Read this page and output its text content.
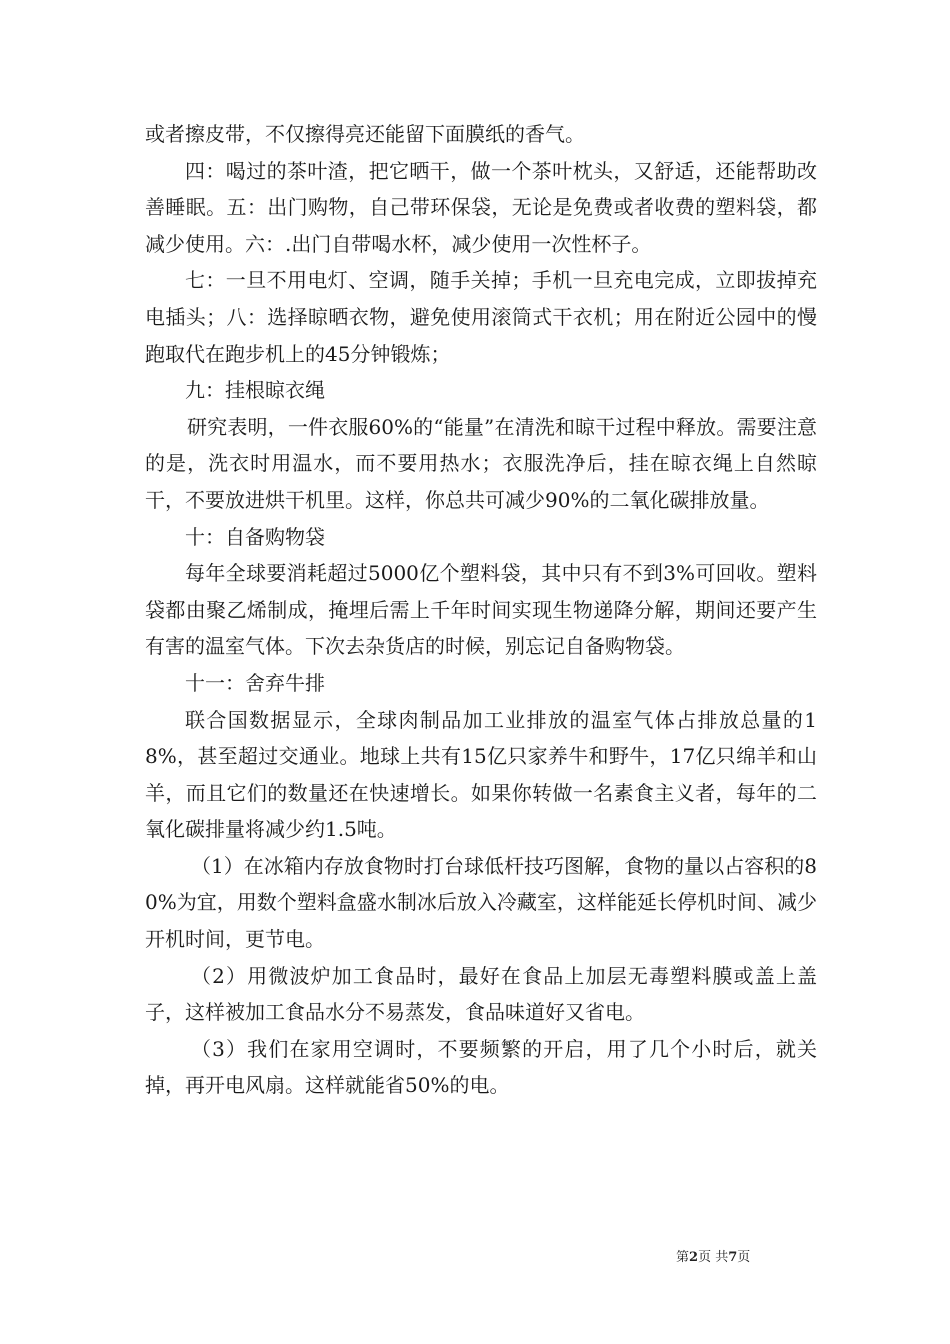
或者擦皮带，不仅擦得亮还能留下面膜纸的香气。

四：喝过的茶叶渣，把它晒干，做一个茶叶枕头，又舒适，还能帮助改善睡眠。五：出门购物，自己带环保袋，无论是免费或者收费的塑料袋，都减少使用。六：.出门自带喝水杯，减少使用一次性杯子。

七：一旦不用电灯、空调，随手关掉；手机一旦充电完成，立即拔掉充电插头；八：选择晾晒衣物，避免使用滚筒式干衣机；用在附近公园中的慢跑取代在跑步机上的45分钟锻炼；

九：挂根晾衣绳

研究表明，一件衣服60%的“能量”在清洗和晾干过程中释放。需要注意的是，洗衣时用温水，而不要用热水；衣服洗净后，挂在晾衣绳上自然晾干，不要放进烘干机里。这样，你总共可减少90%的二氧化碳排放量。

十：自备购物袋

每年全球要消耗超过5000亿个塑料袋，其中只有不到3%可回收。塑料袋都由聚乙烯制成，掩埋后需上千年时间实现生物递降分解，期间还要产生有害的温室气体。下次去杂货店的时候，别忘记自备购物袋。

十一：舍弃牛排

联合国数据显示，全球肉制品加工业排放的温室气体占排放总量的18%，甚至超过交通业。地球上共有15亿只家养牛和野牛，17亿只绵羊和山羊，而且它们的数量还在快速增长。如果你转做一名素食主义者，每年的二氧化碳排量将减少约1.5吨。

（1）在冰箱内存放食物时打台球低杆技巧图解，食物的量以占容积的80%为宜，用数个塑料盒盛水制冰后放入冷藏室，这样能延长停机时间、减少开机时间，更节电。

（2）用微波炉加工食品时，最好在食品上加层无毒塑料膜或盖上盖子，这样被加工食品水分不易蒸发，食品味道好又省电。

（3）我们在家用空调时，不要频繁的开启，用了几个小时后，就关掉，再开电风扇。这样就能省50%的电。

第2页 共7页
